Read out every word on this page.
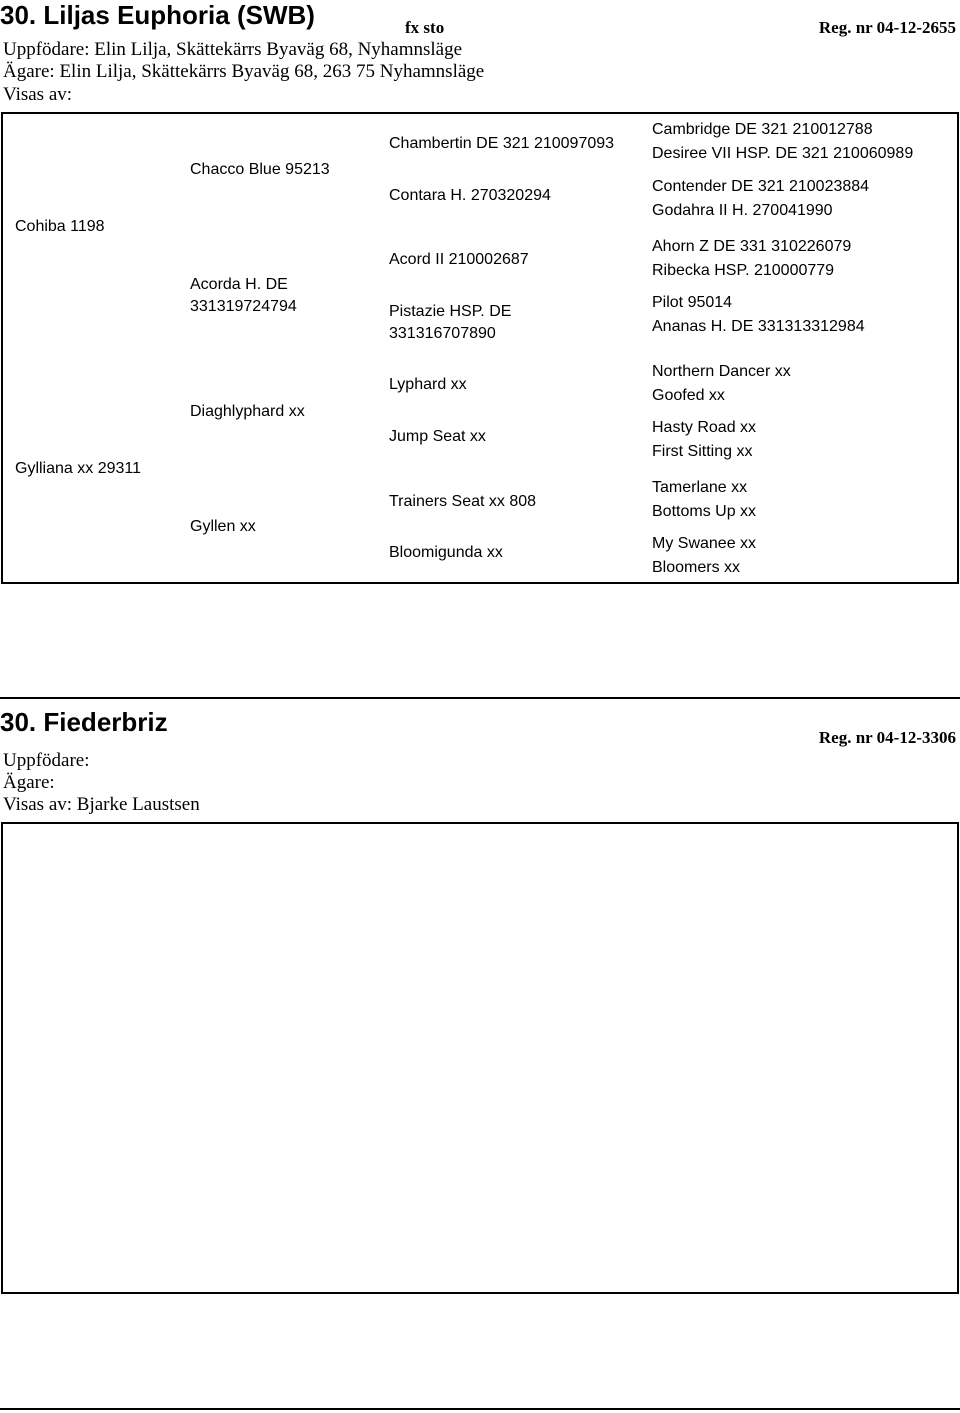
30. Liljas Euphoria (SWB)	fx sto	Reg. nr 04-12-2655
Uppfödare: Elin Lilja, Skättekärrs Byaväg 68, Nyhamnsläge
Ägare: Elin Lilja, Skättekärrs Byaväg 68, 263 75 Nyhamnsläge
Visas av:
Cohiba 1198
Gylliana xx 29311
Chacco Blue 95213
Acorda H. DE 331319724794
Diaghlyphard xx
Gyllen xx
Chambertin DE 321 210097093
Contara H. 270320294
Acord II 210002687
Pistazie HSP. DE 331316707890
Lyphard xx
Jump Seat xx
Trainers Seat xx 808
Bloomigunda xx
Cambridge DE 321 210012788
Desiree VII HSP. DE 321 210060989
Contender DE 321 210023884
Godahra II H. 270041990
Ahorn Z DE 331 310226079
Ribecka HSP. 210000779
Pilot 95014
Ananas H. DE 331313312984
Northern Dancer xx
Goofed xx
Hasty Road xx
First Sitting xx
Tamerlane xx
Bottoms Up xx
My Swanee xx
Bloomers xx
30. Fiederbriz
Reg. nr 04-12-3306
Uppfödare:
Ägare:
Visas av: Bjarke Laustsen
